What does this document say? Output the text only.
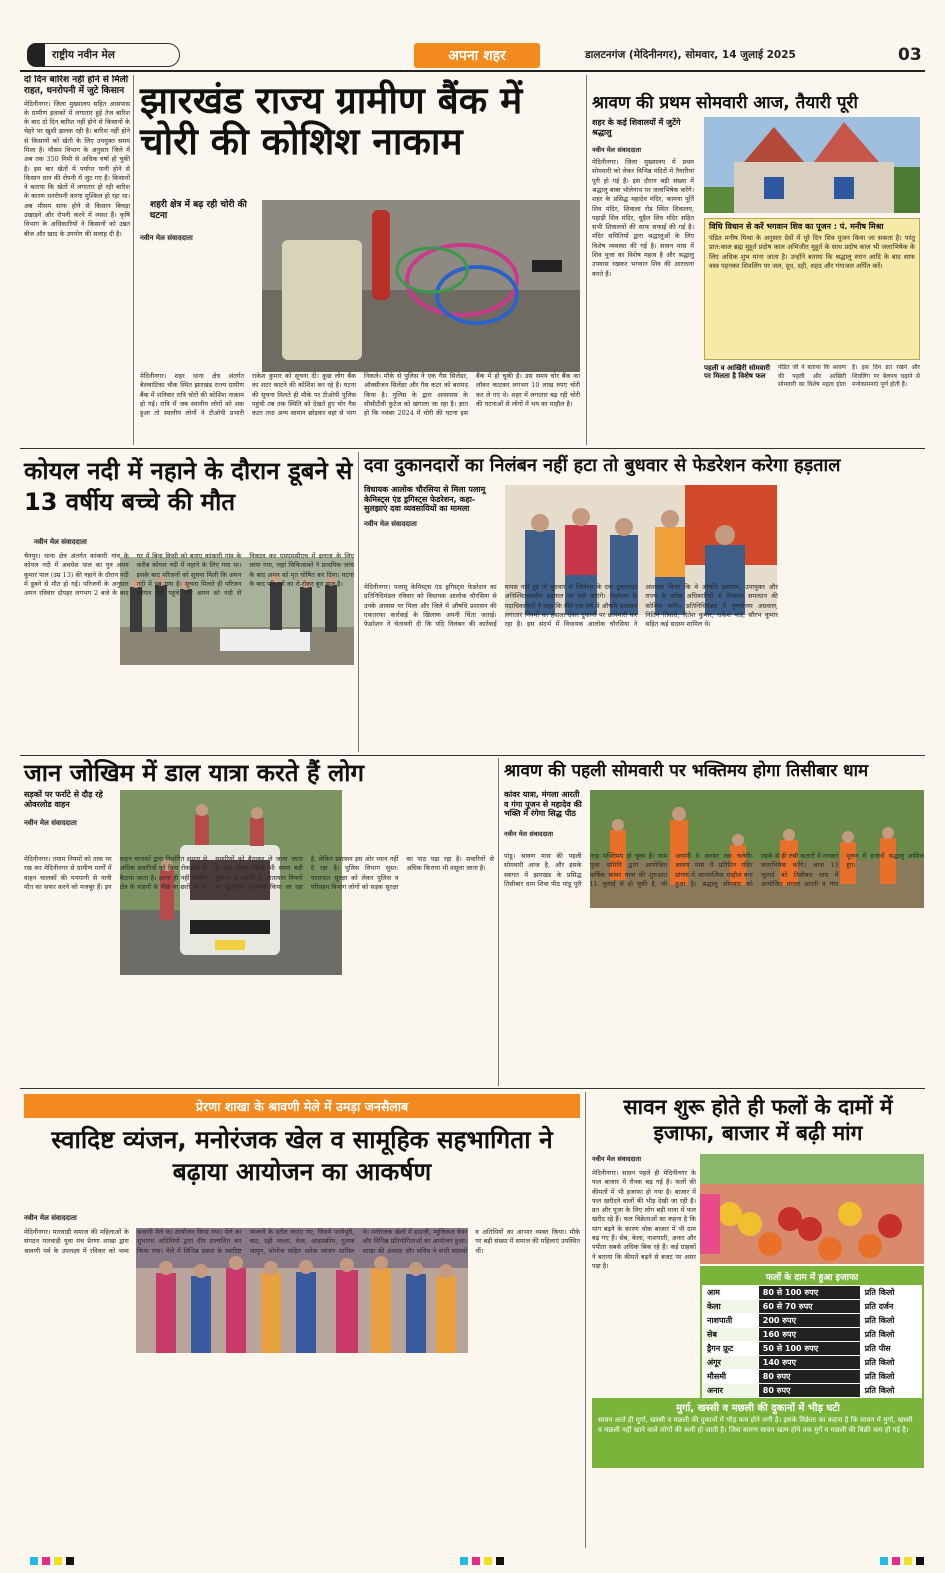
राष्ट्रीय नवीन मेल	अपना शहर	डालटनगंज (मेदिनीनगर), सोमवार, 14 जुलाई 2025	03
दो दिन बारिश नहीं होने से मिली राहत, धनरोपनी में जुटे किसान
मेदिनीनगर। जिला मुख्यालय सहित आसपास के ग्रामीण इलाकों में लगातार हुई तेज बारिश के बाद दो दिन बारिश नहीं होने से किसानों के चेहरे पर खुशी झलक रही है। बारिश नहीं होने से किसानों को खेती के लिए उपयुक्त समय मिला है। मौसम विभाग के अनुसार जिले में अब तक 350 मिमी से अधिक वर्षा हो चुकी है। इस बार खेतों में पर्याप्त पानी होने से किसान धान की रोपनी में जुट गए हैं। किसानों ने बताया कि खेतों में लगातार हो रही बारिश के कारण धनरोपनी करना मुश्किल हो रहा था। अब मौसम साफ होने से किसान बिचड़ा उखाड़ने और रोपनी करने में व्यस्त हैं। कृषि विभाग के अधिकारियों ने किसानों को उन्नत बीज और खाद के उपयोग की सलाह दी है।
झारखंड राज्य ग्रामीण बैंक में चोरी की कोशिश नाकाम
शहरी क्षेत्र में बढ़ रही चोरी की घटना
नवीन मेल संवाददाता
मेदिनीनगर। शहर थाना क्षेत्र अंतर्गत बेलवाटिका चौक स्थित झारखंड राज्य ग्रामीण बैंक में शनिवार रात्रि चोरों की कोशिश नाकाम हो गई। रात्रि में जब स्थानीय लोगों को शक हुआ तो स्थानीय लोगों ने टीओपी प्रभारी राकेश कुमार को सूचना दी। कुछ लोग बैंक का शटर काटने की कोशिश कर रहे हैं। घटना की सूचना मिलते ही मौके पर टीओपी पुलिस पहुंची तब तक स्थिति को देखते हुए चोर गैस कटर तथा अन्य सामान छोड़कर वहां से भाग निकले। मौके से पुलिस ने एक गैस सिलेंडर, ऑक्सीजन सिलेंडर और गैस कटर को बरामद किया है। पुलिस के द्वारा आसपास के सीसीटीवी फुटेज को खंगाला जा रहा है। ज्ञात हो कि नवंबर 2024 में चोरी की घटना इस बैंक में हो चुकी है। उस समय चोर बैंक का लॉकर काटकर लगभग 10 लाख रुपए चोरी कर ले गए थे। शहर में लगातार बढ़ रही चोरी की घटनाओं से लोगों में भय का माहौल है।
श्रावण की प्रथम सोमवारी आज, तैयारी पूरी
शहर के कई शिवालयों में जुटेंगे श्रद्धालु
नवीन मेल संवाददाता
मेदिनीनगर। जिला मुख्यालय में प्रथम सोमवारी को लेकर विभिन्न मंदिरों में तैयारियां पूरी हो गई हैं। इस दौरान बड़ी संख्या में श्रद्धालु बाबा भोलेनाथ पर जलाभिषेक करेंगे। शहर के प्रसिद्ध महादेव मंदिर, कामना पूर्ति शिव मंदिर, शिवाला रोड स्थित शिवालय, पहाड़ी शिव मंदिर, चुड़ैल शिव मंदिर सहित सभी शिवालयों की साफ सफाई की गई है। मंदिर समितियों द्वारा श्रद्धालुओं के लिए विशेष व्यवस्था की गई है। सावन मास में शिव पूजा का विशेष महत्व है और श्रद्धालु उपवास रखकर भगवान शिव की आराधना करते हैं।
विधि विधान से करें भगवान शिव का पूजन : पं. मनीष मिश्रा
पंडित मनीष मिश्रा के अनुसार देवों में पूरे दिन शिव पूजन किया जा सकता है। परंतु प्रात:काल ब्रह्म मुहूर्त प्रदोष काल अभिजीत मुहूर्त के साथ प्रदोष काल भी जलाभिषेक के लिए अधिक शुभ माना जाता है। उन्होंने बताया कि श्रद्धालु स्नान आदि के बाद साफ वस्त्र पहनकर शिवलिंग पर जल, दूध, दही, शहद और गंगाजल अर्पित करें।
पहली व आखिरी सोमवारी पर मिलता है विशेष फल
पंडित जी ने बताया कि श्रावण की पहली और आखिरी सोमवारी का विशेष महत्व होता है। इस दिन व्रत रखने और शिवलिंग पर बेलपत्र चढ़ाने से मनोकामनाएं पूर्ण होती हैं।
कोयल नदी में नहाने के दौरान डूबने से 13 वर्षीय बच्चे की मौत
नवीन मेल संवाददाता
चैनपुर। थाना क्षेत्र अंतर्गत कांकारी गांव के कोयल नदी में अवधेश पाल का पुत्र अमन कुमार पाल (उम्र 13) की नहाने के दौरान नदी में डूबने से मौत हो गई। परिजनों के अनुसार अमन रविवार दोपहर लगभग 2 बजे के बाद घर में बिना किसी को बताए कांकारी गांव के करीब कोयल नदी में नहाने के लिए गया था। इसके बाद परिजनों को सूचना मिली कि अमन नदी में डूब गया है। सूचना मिलते ही परिजन कोयल नदी पहुंचे और अमन को नदी से निकाल कर एमएमसीएच में इलाज के लिए लाया गया, जहां चिकित्सकों ने प्राथमिक जांच के बाद अमन को मृत घोषित कर दिया। घटना के बाद परिजनों का रो-रोकर बुरा हाल है।
दवा दुकानदारों का निलंबन नहीं हटा तो बुधवार से फेडरेशन करेगा हड़ताल
विधायक आलोक चौरसिया से मिला पलामू केमिस्ट्स एंड ड्रगिस्ट्स फेडरेशन, कहा- सुलझाएं दवा व्यवसायियों का मामला
नवीन मेल संवाददाता
मेदिनीनगर। पलामू केमिस्ट्स एंड ड्रगिस्ट्स फेडरेशन का प्रतिनिधिमंडल रविवार को विधायक आलोक चौरसिया से उनके आवास पर मिला और जिले में औषधि प्रशासन की एकतरफा कार्रवाई के खिलाफ अपनी चिंता जताई। फेडरेशन ने चेतावनी दी कि यदि निलंबन की कार्रवाई वापस नहीं हुई तो बुधवार से जिलेभर के दवा दुकानदार अनिश्चितकालीन हड़ताल पर चले जाएंगे। फेडरेशन के पदाधिकारियों ने कहा कि बीते एक वर्ष से औषधि प्रशासन लगातार नियमों का हवाला देकर दुकानों पर छापेमारी कर रहा है। इस संदर्भ में विधायक आलोक चौरसिया ने आश्वस्त किया कि वे औषधि प्रशासन, उपायुक्त और राज्य के वरिष्ठ अधिकारियों से मिलकर समाधान की कोशिश करेंगे। प्रतिनिधिमंडल में पुरुषोत्तम अग्रवाल, नितिन तिवारी, रितेश कुमार, राकेश पांडे, सौरभ कुमार सहित कई सदस्य शामिल थे।
जान जोखिम में डाल यात्रा करते हैं लोग
सड़कों पर फर्राटे से दौड़ रहे ओवरलोड वाहन
नवीन मेल संवाददाता
मेदिनीनगर। तमाम नियमों को ताक पर रख कर मेदिनीनगर से ग्रामीण मार्गों में वाहन चालकों की मनमानी से यात्री मौत का सफर करने को मजबूर हैं। इन वाहन चालकों द्वारा निर्धारित क्षमता से अधिक सवारियों को बिना रोकटोक के बैठाया जाता है। इतना ही नहीं ग्रामीण क्षेत्र के वाहनों के पीछे या छतों पर भी सवारियों को बैठाकर ले जाया जाता है। इस दौरान किसी भी समय बड़ी दुर्घटना हो सकती है। यातायात नियमों का खुलेआम उल्लंघन किया जा रहा है, लेकिन प्रशासन इस ओर ध्यान नहीं दे रहा है। पुलिस विभाग सुस्त: यातायात सुरक्षा को लेकर पुलिस व परिवहन विभाग लोगों को सड़क सुरक्षा का पाठ पढ़ा रहा है। सवारियों से अधिक किराया भी वसूला जाता है।
श्रावण की पहली सोमवारी पर भक्तिमय होगा तिसीबार धाम
कांवर यात्रा, मंगला आरती व गंगा पूजन से महादेव की भक्ति में रंगेगा सिद्ध पीठ
नवीन मेल संवाददाता
पांडू। श्रावण मास की पहली सोमवारी आज है, और इसके स्वागत में झारखंड के प्रसिद्ध तिसीबार धाम शिवा पीठ पांडू पूरी तरह भक्तिमय हो चुका है। धाम पूजा समिति द्वारा आयोजित वार्षिक कांवर यात्रा की शुरुआत 11 जुलाई से हो चुकी है, जो अगामी 9 अगस्त तक चलेगी। श्रावण मास में प्रतिदिन मंदिर प्रांगण में आध्यात्मिक माहौल बना हुआ है। श्रद्धालु सोमवार को तड़के से ही लंबी कतारों में लगकर जलाभिषेक करेंगे। आज 13 जुलाई को तिसीबार धाम में आयोजित मंगला आरती व गंगा पूजन में हजारों श्रद्धालु शामिल हुए।
प्रेरणा शाखा के श्रावणी मेले में उमड़ा जनसैलाब
स्वादिष्ट व्यंजन, मनोरंजक खेल व सामूहिक सहभागिता ने बढ़ाया आयोजन का आकर्षण
नवीन मेल संवाददाता
मेदिनीनगर। मारवाड़ी समाज की महिलाओं के संगठन मारवाड़ी युवा मंच प्रेरणा शाखा द्वारा श्रावणी पर्व के उपलक्ष्य में रविवार को भव्य श्रावणी मेले का आयोजन किया गया। मेले का शुभारंभ अतिथियों द्वारा दीप प्रज्वलित कर किया गया। मेले में विभिन्न प्रकार के स्वादिष्ट व्यंजनों के स्टॉल लगाए गए, जिनमें पानीपुरी, चाट, दही भल्ला, केक, आइसक्रीम, गुलाब जामुन, मोमोज सहित अनेक व्यंजन शामिल थे। मनोरंजक खेलों में हाउजी, म्यूजिकल चेयर और विभिन्न प्रतियोगिताओं का आयोजन हुआ। शाखा की अध्यक्ष और सचिव ने सभी सदस्यों व अतिथियों का आभार व्यक्त किया। मौके पर बड़ी संख्या में समाज की महिलाएं उपस्थित थीं।
सावन शुरू होते ही फलों के दामों में इजाफा, बाजार में बढ़ी मांग
नवीन मेल संवाददाता
मेदिनीनगर। सावन पहले ही मेदिनीनगर के फल बाजार में रौनक बढ़ गई है। फलों की कीमतों में भी इजाफा हो गया है। बाजार में फल खरीदने वालों की भीड़ देखी जा रही है। व्रत और पूजा के लिए लोग बड़ी मात्रा में फल खरीद रहे हैं। फल विक्रेताओं का कहना है कि मांग बढ़ने के कारण थोक बाजार में भी दाम बढ़ गए हैं। सेब, केला, नाशपाती, अनार और पपीता सबसे अधिक बिक रहे हैं। कई ग्राहकों ने बताया कि कीमतें बढ़ने से बजट पर असर पड़ा है।
फलों के दाम में हुआ इजाफा
आम	80 से 100 रुपए	प्रति किलो
केला	60 से 70 रुपए	प्रति दर्जन
नाशपाती	200 रुपए	प्रति किलो
सेब	160 रुपए	प्रति किलो
ड्रैगन फ्रूट	50 से 100 रुपए	प्रति पीस
अंगूर	140 रुपए	प्रति किलो
मौसमी	80 रुपए	प्रति किलो
अनार	80 रुपए	प्रति किलो
मुर्गा, खस्सी व मछली की दुकानों में भीड़ घटी
सावन आते ही मुर्गा, खस्सी व मछली की दुकानों में भीड़ कम होने लगी है। इसके विक्रेता का कहना है कि सावन में मुर्गा, खस्सी व मछली नहीं खाने वाले लोगों की कमी हो जाती है। जिस कारण सावन खत्म होने तक मुर्गे व मछली की बिक्री कम हो गई है।
